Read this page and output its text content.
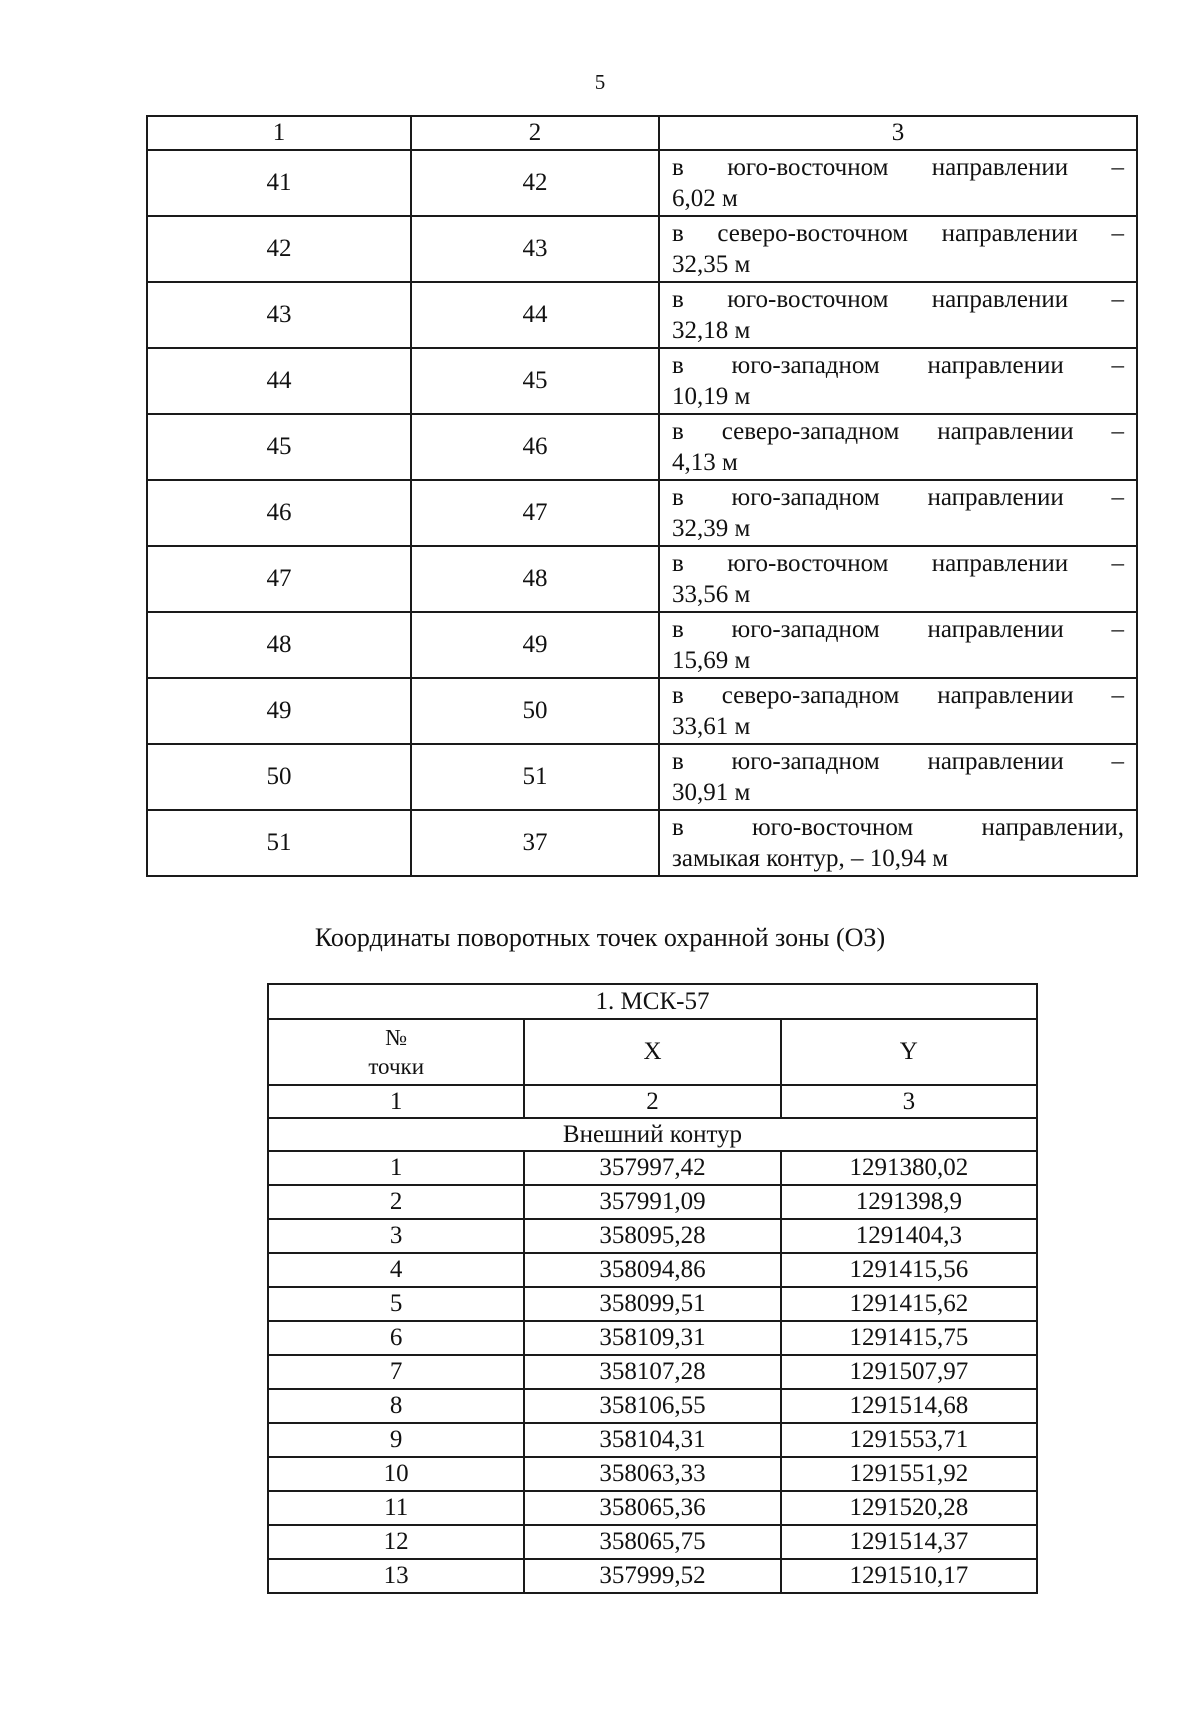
5
1	2	3
41	42	в юго-восточном направлении –
6,02 м

42	43	в северо-восточном направлении –
32,35 м

43	44	в юго-восточном направлении –
32,18 м

44	45	в юго-западном направлении –
10,19 м

45	46	в северо-западном направлении –
4,13 м

46	47	в юго-западном направлении –
32,39 м

47	48	в юго-восточном направлении –
33,56 м

48	49	в юго-западном направлении –
15,69 м

49	50	в северо-западном направлении –
33,61 м

50	51	в юго-западном направлении –
30,91 м

51	37	в юго-восточном направлении,
замыкая контур, – 10,94 м
Координаты поворотных точек охранной зоны (ОЗ)
1. МСК-57		
№
точки	X	Y
1	2	3
Внешний контур		
1	357997,42	1291380,02
2	357991,09	1291398,9
3	358095,28	1291404,3
4	358094,86	1291415,56
5	358099,51	1291415,62
6	358109,31	1291415,75
7	358107,28	1291507,97
8	358106,55	1291514,68
9	358104,31	1291553,71
10	358063,33	1291551,92
11	358065,36	1291520,28
12	358065,75	1291514,37
13	357999,52	1291510,17
